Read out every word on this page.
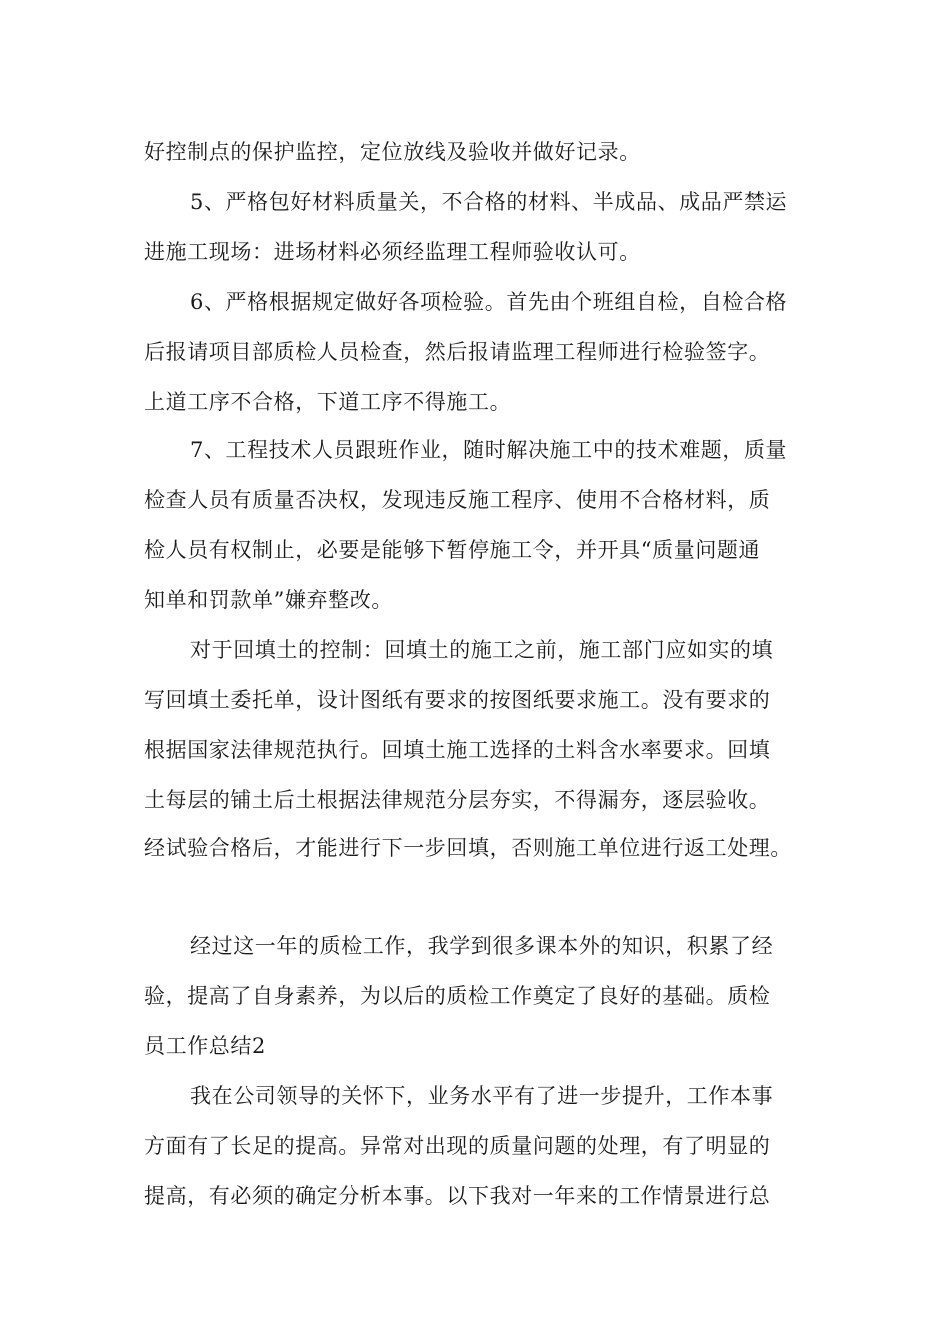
好控制点的保护监控，定位放线及验收并做好记录。
5、严格包好材料质量关，不合格的材料、半成品、成品严禁运
进施工现场：进场材料必须经监理工程师验收认可。
6、严格根据规定做好各项检验。首先由个班组自检，自检合格
后报请项目部质检人员检查，然后报请监理工程师进行检验签字。
上道工序不合格，下道工序不得施工。
7、工程技术人员跟班作业，随时解决施工中的技术难题，质量
检查人员有质量否决权，发现违反施工程序、使用不合格材料，质
检人员有权制止，必要是能够下暂停施工令，并开具“质量问题通
知单和罚款单”嫌弃整改。
对于回填土的控制：回填土的施工之前，施工部门应如实的填
写回填土委托单，设计图纸有要求的按图纸要求施工。没有要求的
根据国家法律规范执行。回填土施工选择的土料含水率要求。回填
土每层的铺土后土根据法律规范分层夯实，不得漏夯，逐层验收。
经试验合格后，才能进行下一步回填，否则施工单位进行返工处理。
经过这一年的质检工作，我学到很多课本外的知识，积累了经
验，提高了自身素养，为以后的质检工作奠定了良好的基础。质检
员工作总结2
我在公司领导的关怀下，业务水平有了进一步提升，工作本事
方面有了长足的提高。异常对出现的质量问题的处理，有了明显的
提高，有必须的确定分析本事。以下我对一年来的工作情景进行总
